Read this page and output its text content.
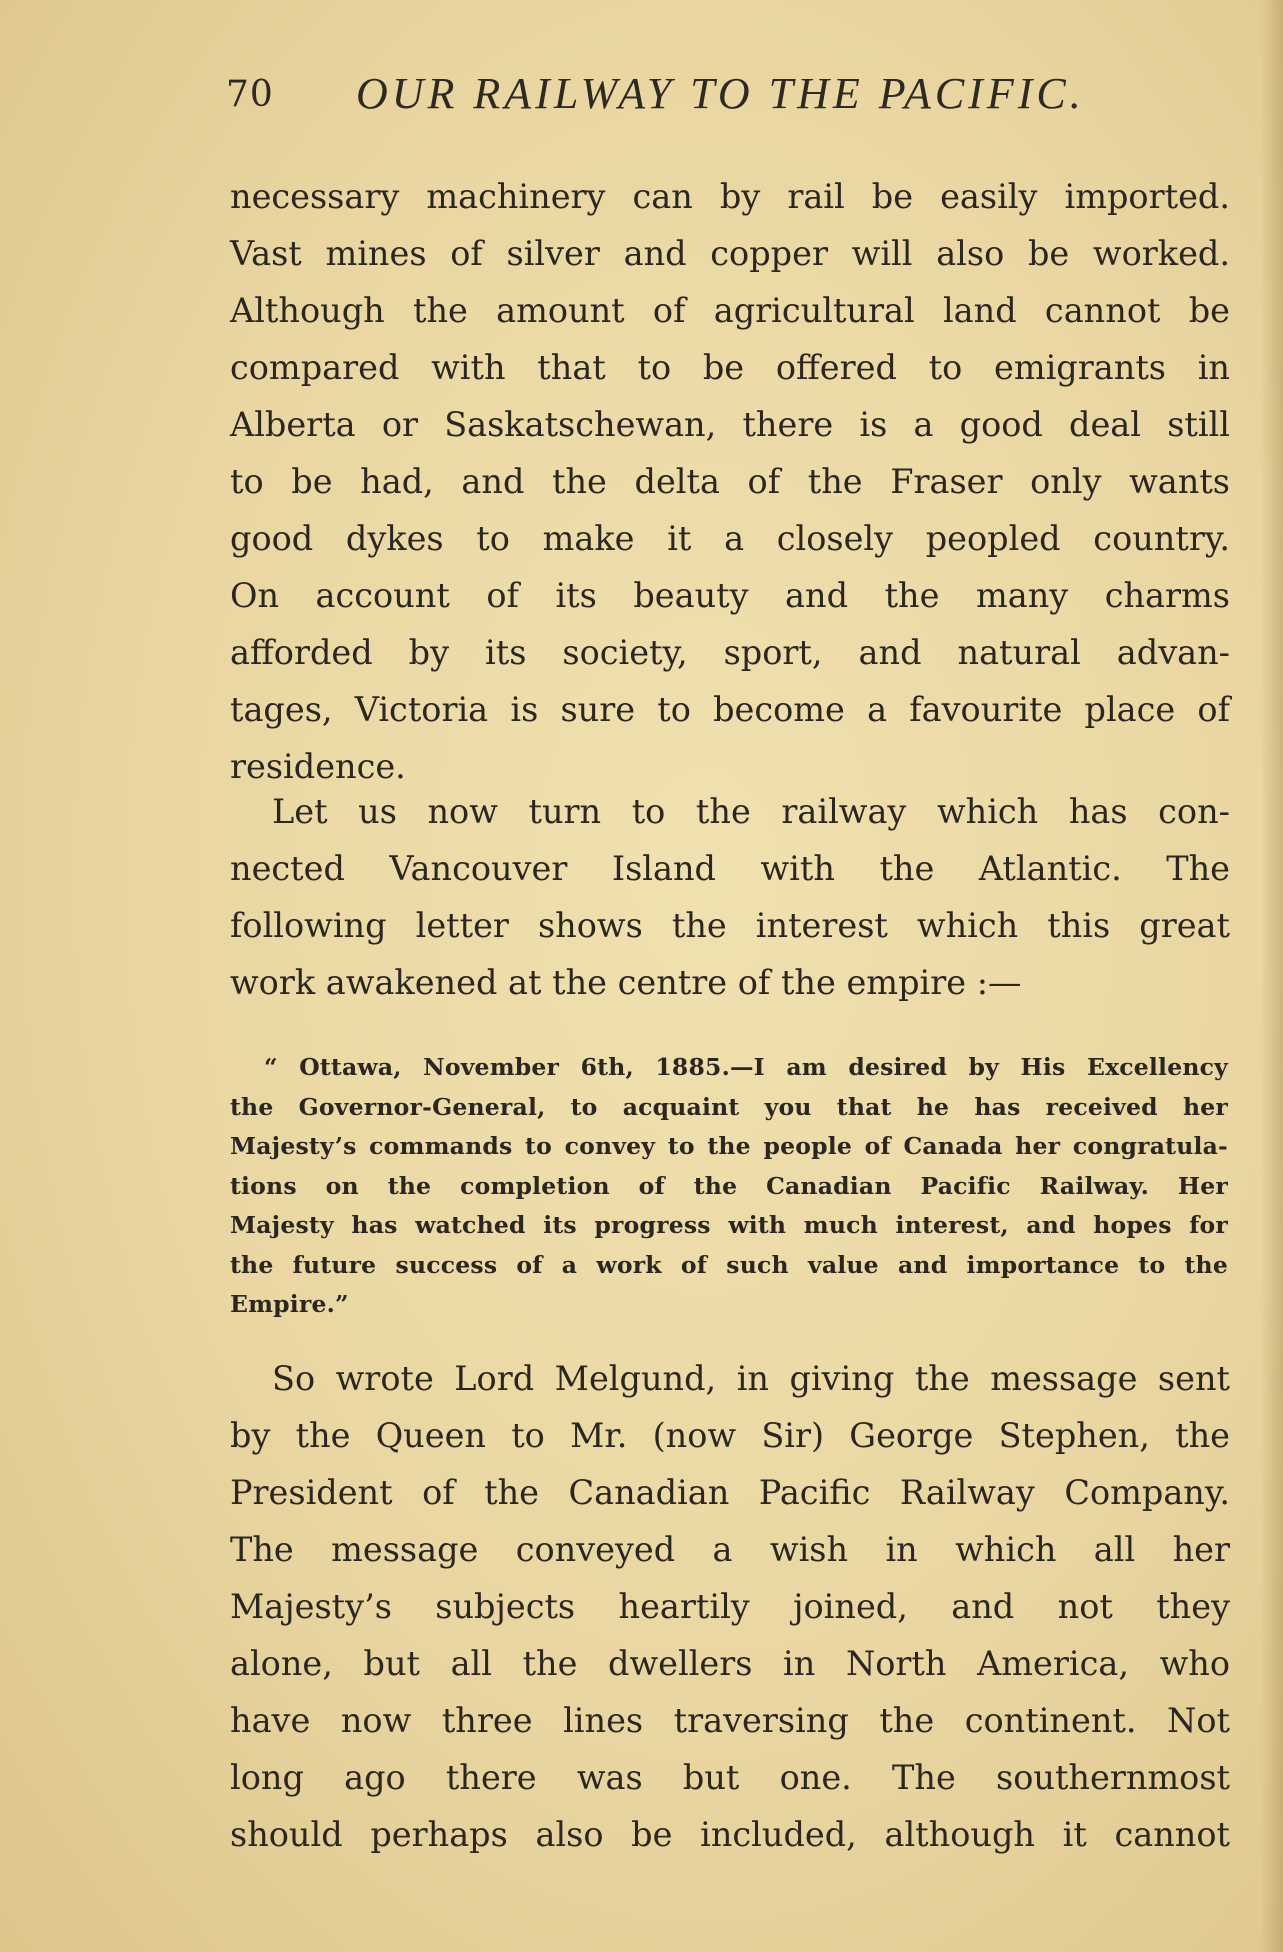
70 OUR RAILWAY TO THE PACIFIC.
necessary machinery can by rail be easily imported.
Vast mines of silver and copper will also be worked.
Although the amount of agricultural land cannot be
compared with that to be offered to emigrants in
Alberta or Saskatschewan, there is a good deal still
to be had, and the delta of the Fraser only wants
good dykes to make it a closely peopled country.
On account of its beauty and the many charms
afforded by its society, sport, and natural advan-
tages, Victoria is sure to become a favourite place of
residence.
Let us now turn to the railway which has con-
nected Vancouver Island with the Atlantic. The
following letter shows the interest which this great
work awakened at the centre of the empire :—
“ Ottawa, November 6th, 1885.—I am desired by His Excellency
the Governor-General, to acquaint you that he has received her
Majesty’s commands to convey to the people of Canada her congratula-
tions on the completion of the Canadian Pacific Railway. Her
Majesty has watched its progress with much interest, and hopes for
the future success of a work of such value and importance to the
Empire.”
So wrote Lord Melgund, in giving the message sent
by the Queen to Mr. (now Sir) George Stephen, the
President of the Canadian Pacific Railway Company.
The message conveyed a wish in which all her
Majesty’s subjects heartily joined, and not they
alone, but all the dwellers in North America, who
have now three lines traversing the continent. Not
long ago there was but one. The southernmost
should perhaps also be included, although it cannot
